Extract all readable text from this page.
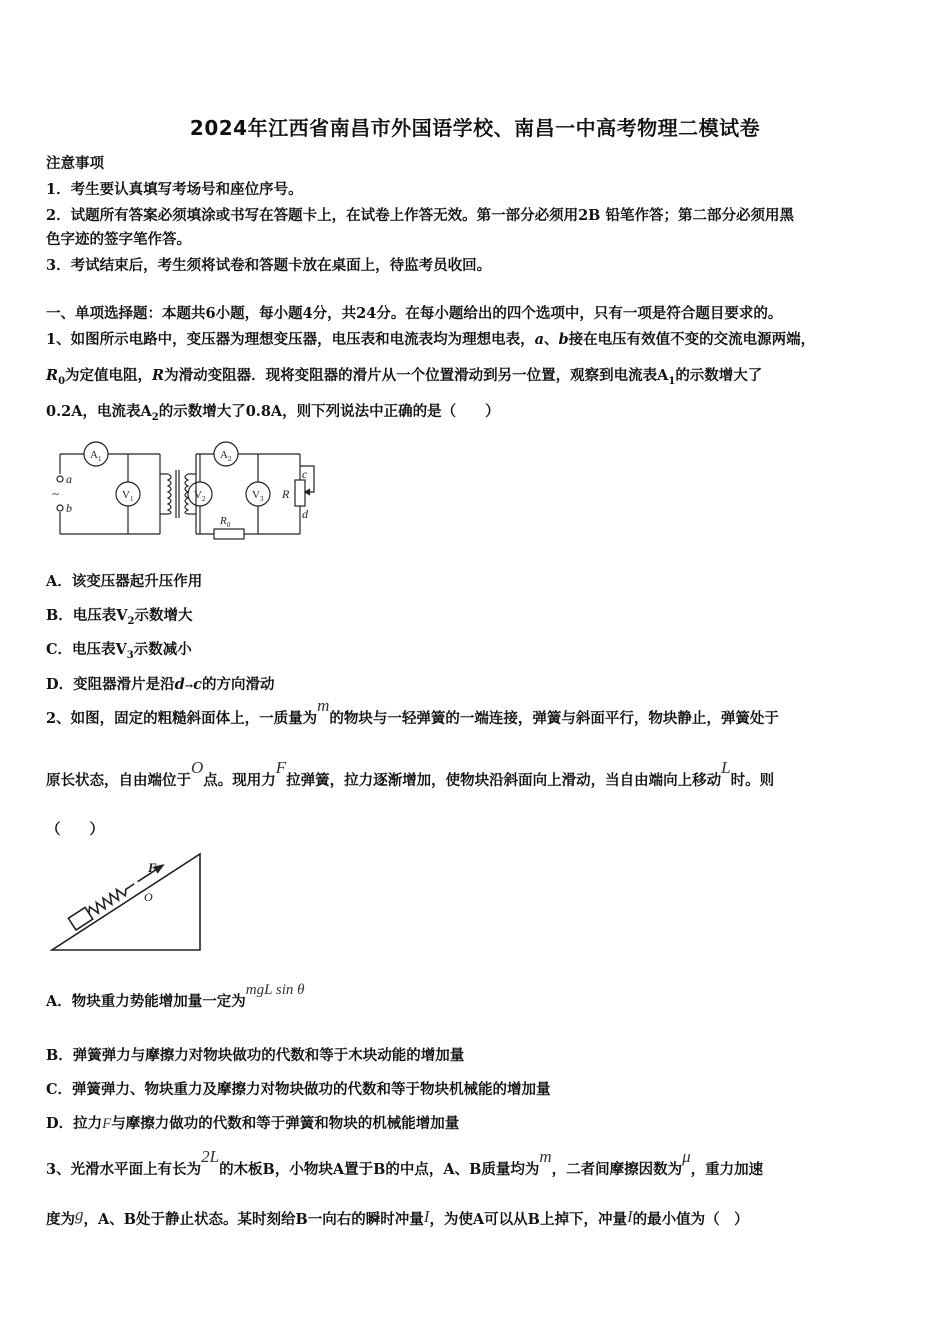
2024年江西省南昌市外国语学校、南昌一中高考物理二模试卷
注意事项
1．考生要认真填写考场号和座位序号。
2．试题所有答案必须填涂或书写在答题卡上，在试卷上作答无效。第一部分必须用2B 铅笔作答；第二部分必须用黑
色字迹的签字笔作答。
3．考试结束后，考生须将试卷和答题卡放在桌面上，待监考员收回。
一、单项选择题：本题共6小题，每小题4分，共24分。在每小题给出的四个选项中，只有一项是符合题目要求的。
1、如图所示电路中，变压器为理想变压器，电压表和电流表均为理想电表，a、b接在电压有效值不变的交流电源两端，
$R_0$为定值电阻，R为滑动变阻器．现将变阻器的滑片从一个位置滑动到另一位置，观察到电流表$A_1$的示数增大了
0.2A，电流表$A_2$的示数增大了0.8A，则下列说法中正确的是（　　）
$A_1$
$V_1$
$A_2$
$V_2$	$V_3$
a
b
~
$R_0$
R
c
d
A．该变压器起升压作用
B．电压表$V_2$示数增大
C．电压表$V_3$示数减小
D．变阻器滑片是沿d→c的方向滑动
2、如图，固定的粗糙斜面体上，一质量为m的物块与一轻弹簧的一端连接，弹簧与斜面平行，物块静止，弹簧处于
原长状态，自由端位于O点。现用力F拉弹簧，拉力逐渐增加，使物块沿斜面向上滑动，当自由端向上移动L时。则
（　　）
F
O
A．物块重力势能增加量一定为mgL sin θ
B．弹簧弹力与摩擦力对物块做功的代数和等于木块动能的增加量
C．弹簧弹力、物块重力及摩擦力对物块做功的代数和等于物块机械能的增加量
D．拉力F与摩擦力做功的代数和等于弹簧和物块的机械能增加量
3、光滑水平面上有长为2L的木板B，小物块A置于B的中点，A、B质量均为m，二者间摩擦因数为μ，重力加速
度为g，A、B处于静止状态。某时刻给B一向右的瞬时冲量I，为使A可以从B上掉下，冲量I的最小值为（　）
